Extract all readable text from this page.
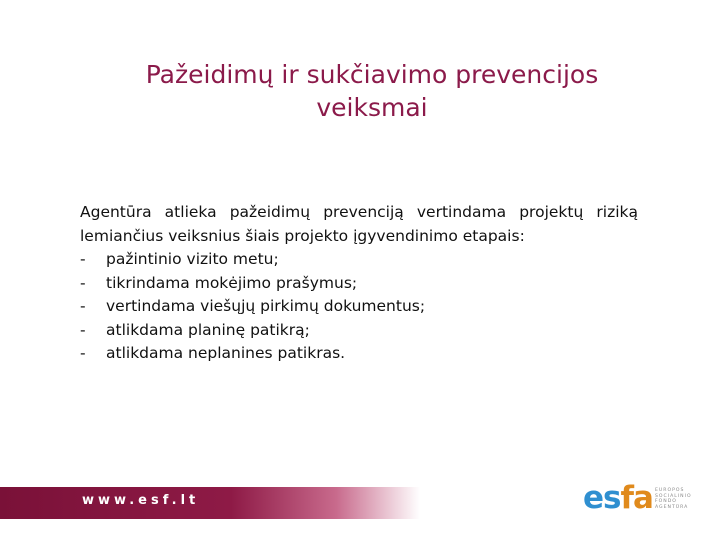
Pažeidimų ir sukčiavimo prevencijos
veiksmai
Agentūra atlieka pažeidimų prevenciją vertindama projektų riziką lemiančius veiksnius šiais projekto įgyvendinimo etapais:
-	pažintinio vizito metu;
-	tikrindama mokėjimo prašymus;
-	vertindama viešųjų pirkimų dokumentus;
-	atlikdama planinę patikrą;
-	atlikdama neplanines patikras.
www.esf.lt	esfa EUROPOS
SOCIALINIO
FONDO
AGENTŪRA
